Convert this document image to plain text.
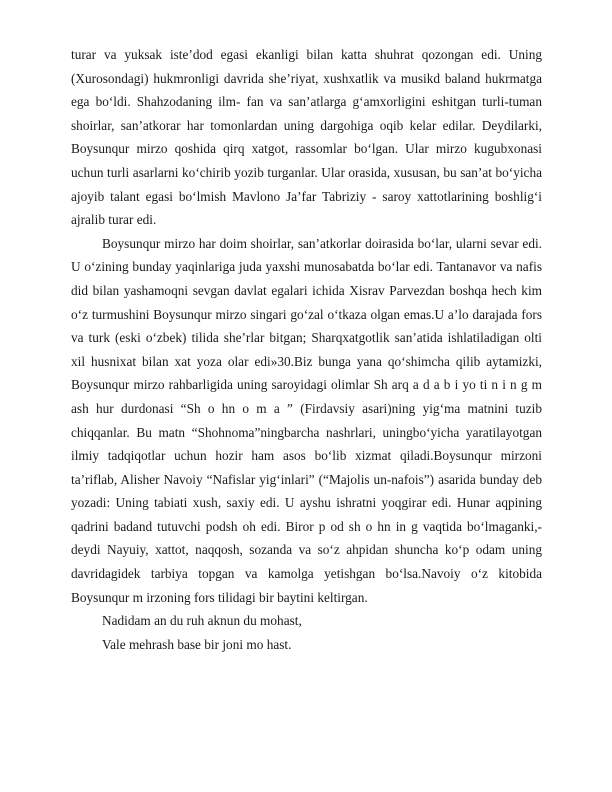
turar va yuksak iste’dod egasi ekanligi bilan katta shuhrat qozongan edi. Uning (Xurosondagi) hukmronligi davrida she’riyat, xushxatlik va musikd baland hukrmatga ega bo‘ldi. Shahzodaning ilm- fan va san’atlarga g‘amxorligini eshitgan turli-tuman shoirlar, san’atkorar har tomonlardan uning dargohiga oqib kelar edilar. Deydilarki, Boysunqur mirzo qoshida qirq xatgot, rassomlar bo‘lgan. Ular mirzo kugubxonasi uchun turli asarlarni ko‘chirib yozib turganlar. Ular orasida, xususan, bu san’at bo‘yicha ajoyib talant egasi bo‘lmish Mavlono Ja’far Tabriziy - saroy xattotlarining boshlig‘i ajralib turar edi.

Boysunqur mirzo har doim shoirlar, san’atkorlar doirasida bo‘lar, ularni sevar edi. U o‘zining bunday yaqinlariga juda yaxshi munosabatda bo‘lar edi. Tantanavor va nafis did bilan yashamoqni sevgan davlat egalari ichida Xisrav Parvezdan boshqa hech kim o‘z turmushini Boysunqur mirzo singari go‘zal o‘tkaza olgan emas.U a’lo darajada fors va turk (eski o‘zbek) tilida she’rlar bitgan; Sharqxatgotlik san’atida ishlatiladigan olti xil husnixat bilan xat yoza olar edi»30.Biz bunga yana qo‘shimcha qilib aytamizki, Boysunqur mirzo rahbarligida uning saroyidagi olimlar Sh arq a d a b i yo ti n i n g m ash hur durdonasi “Sh o hn o m a ” (Firdavsiy asari)ning yig‘ma matnini tuzib chiqqanlar. Bu matn “Shohnoma”ningbarcha nashrlari, uningbo‘yicha yaratilayotgan ilmiy tadqiqotlar uchun hozir ham asos bo‘lib xizmat qiladi.Boysunqur mirzoni ta’riflab, Alisher Navoiy “Nafislar yig‘inlari” (“Majolis un-nafois”) asarida bunday deb yozadi: Uning tabiati xush, saxiy edi. U ayshu ishratni yoqgirar edi. Hunar aqpining qadrini badand tutuvchi podsh oh edi. Biror p od sh o hn in g vaqtida bo‘lmaganki,- deydi Nayuiy, xattot, naqqosh, sozanda va so‘z ahpidan shuncha ko‘p odam uning davridagidek tarbiya topgan va kamolga yetishgan bo‘lsa.Navoiy o‘z kitobida Boysunqur m irzoning fors tilidagi bir baytini keltirgan.

Nadidam an du ruh aknun du mohast,

Vale mehrash base bir joni mo hast.
